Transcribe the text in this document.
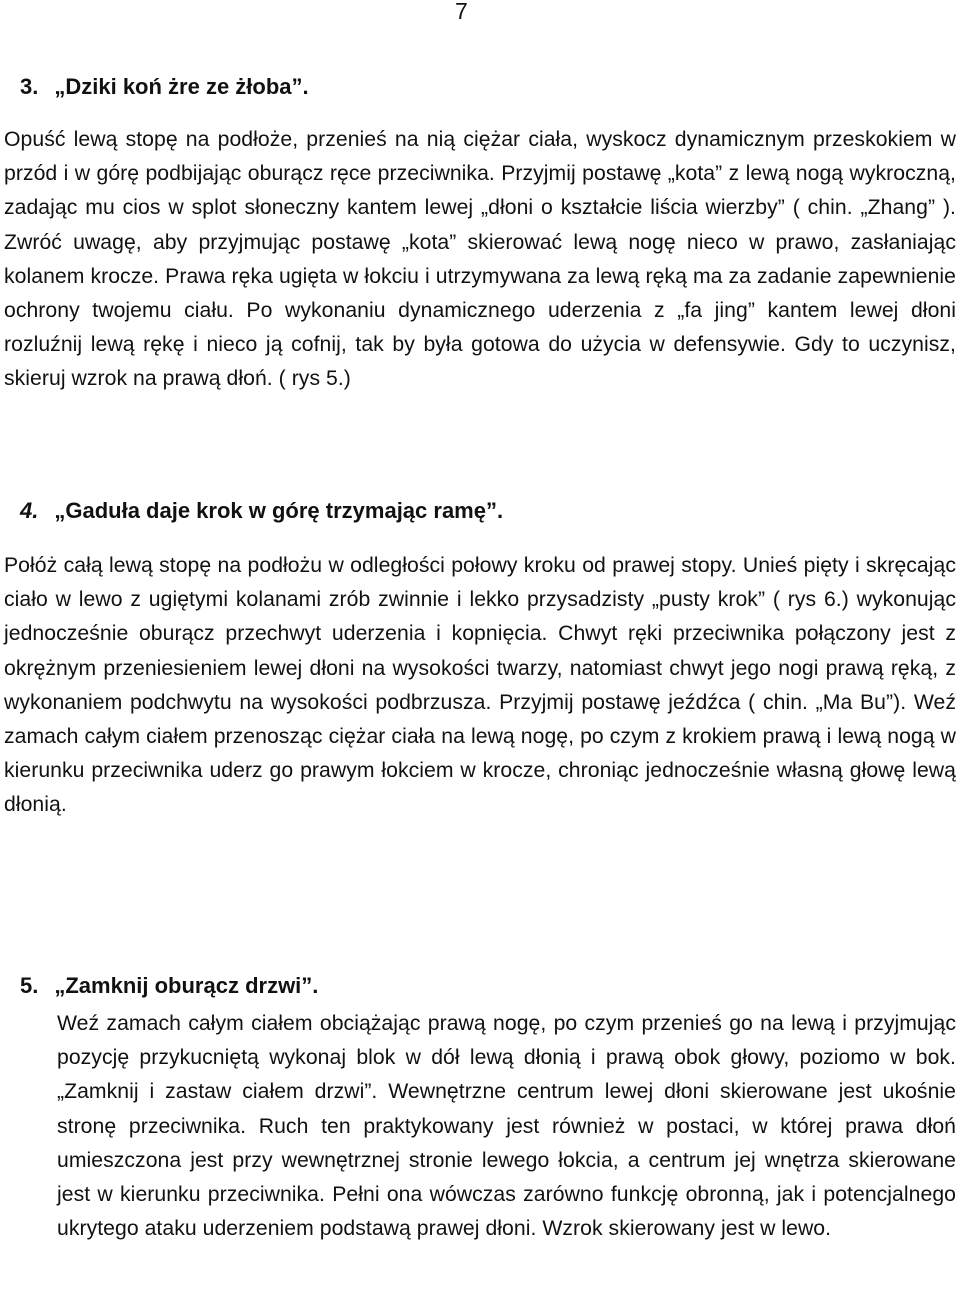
7
3. „Dziki koń żre ze żłoba”.

Opuść lewą stopę na podłoże, przenieś na nią ciężar ciała, wyskocz dynamicznym przeskokiem w przód i w górę podbijając oburącz ręce przeciwnika. Przyjmij postawę „kota” z lewą nogą wykroczną, zadając mu cios w splot słoneczny kantem lewej „dłoni o kształcie liścia wierzby” ( chin. „Zhang” ). Zwróć uwagę, aby przyjmując postawę „kota” skierować lewą nogę nieco w prawo, zasłaniając kolanem krocze. Prawa ręka ugięta w łokciu i utrzymywana za lewą ręką ma za zadanie zapewnienie ochrony twojemu ciału. Po wykonaniu dynamicznego uderzenia z „fa jing” kantem lewej dłoni rozluźnij lewą rękę i nieco ją cofnij, tak by była gotowa do użycia w defensywie. Gdy to uczynisz, skieruj wzrok na prawą dłoń. ( rys 5.)

4. „Gaduła daje krok w górę trzymając ramę”.

Połóż całą lewą stopę na podłożu w odległości połowy kroku od prawej stopy. Unieś pięty i skręcając ciało w lewo z ugiętymi kolanami zrób zwinnie i lekko przysadzisty „pusty krok” ( rys 6.) wykonując jednocześnie oburącz przechwyt uderzenia i kopnięcia. Chwyt ręki przeciwnika połączony jest z okrężnym przeniesieniem lewej dłoni na wysokości twarzy, natomiast chwyt jego nogi prawą ręką, z wykonaniem podchwytu na wysokości podbrzusza. Przyjmij postawę jeźdźca ( chin. „Ma Bu”). Weź zamach całym ciałem przenosząc ciężar ciała na lewą nogę, po czym z krokiem prawą i lewą nogą w kierunku przeciwnika uderz go prawym łokciem w krocze, chroniąc jednocześnie własną głowę lewą dłonią.

5. „Zamknij oburącz drzwi”.

Weź zamach całym ciałem obciążając prawą nogę, po czym przenieś go na lewą i przyjmując pozycję przykucniętą wykonaj blok w dół lewą dłonią i prawą obok głowy, poziomo w bok. „Zamknij i zastaw ciałem drzwi”. Wewnętrzne centrum lewej dłoni skierowane jest ukośnie stronę przeciwnika. Ruch ten praktykowany jest również w postaci, w której prawa dłoń umieszczona jest przy wewnętrznej stronie lewego łokcia, a centrum jej wnętrza skierowane jest w kierunku przeciwnika. Pełni ona wówczas zarówno funkcję obronną, jak i potencjalnego ukrytego ataku uderzeniem podstawą prawej dłoni. Wzrok skierowany jest w lewo.
